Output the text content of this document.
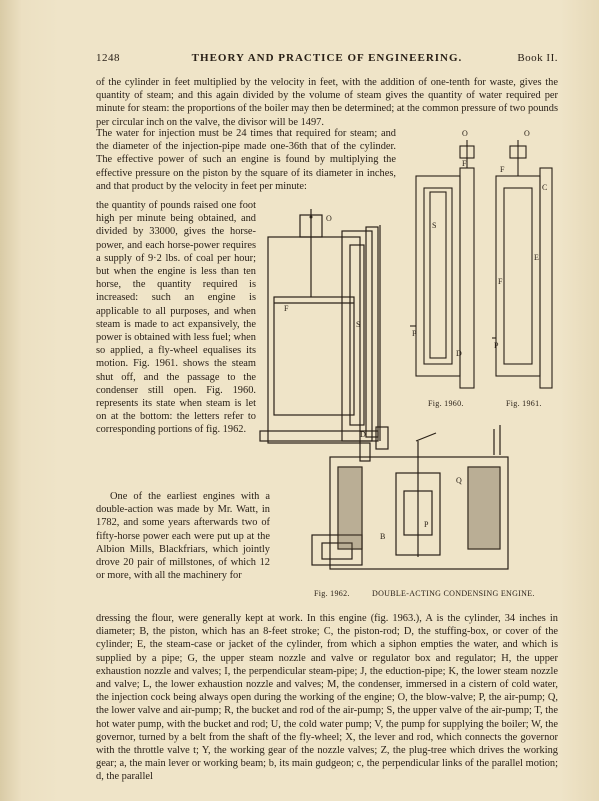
1248	THEORY AND PRACTICE OF ENGINEERING.	Book II.

of the cylinder in feet multiplied by the velocity in feet, with the addition of one-tenth for waste, gives the quantity of steam; and this again divided by the volume of steam gives the quantity of water required per minute for steam: the proportions of the boiler may then be determined; at the common pressure of two pounds per circular inch on the valve, the divisor will be 1497.

The water for injection must be 24 times that required for steam; and the diameter of the injection-pipe made one-36th that of the cylinder. The effective power of such an engine is found by multiplying the effective pressure on the piston by the square of its diameter in inches, and that product by the velocity in feet per minute:

the quantity of pounds raised one foot high per minute being obtained, and divided by 33000, gives the horse-power, and each horse-power requires a supply of 9·2 lbs. of coal per hour; but when the engine is less than ten horse, the quantity required is increased: such an engine is applicable to all purposes, and when steam is made to act expansively, the power is obtained with less fuel; when so applied, a fly-wheel equalises its motion. Fig. 1961. shows the steam shut off, and the passage to the condenser still open. Fig. 1960. represents its state when steam is let on at the bottom: the letters refer to corresponding portions of fig. 1962.

One of the earliest engines with a double-action was made by Mr. Watt, in 1782, and some years afterwards two of fifty-horse power each were put up at the Albion Mills, Blackfriars, which jointly drove 20 pair of millstones, of which 12 or more, with all the machinery for

dressing the flour, were generally kept at work. In this engine (fig. 1963.), A is the cylinder, 34 inches in diameter; B, the piston, which has an 8-feet stroke; C, the piston-rod; D, the stuffing-box, or cover of the cylinder; E, the steam-case or jacket of the cylinder, from which a siphon empties the water, and which is supplied by a pipe; G, the upper steam nozzle and valve or regulator box and regulator; H, the upper exhaustion nozzle and valves; I, the perpendicular steam-pipe; J, the eduction-pipe; K, the lower steam nozzle and valve; L, the lower exhaustion nozzle and valves; M, the condenser, immersed in a cistern of cold water, the injection cock being always open during the working of the engine; O, the blow-valve; P, the air-pump; Q, the lower valve and air-pump; R, the bucket and rod of the air-pump; S, the upper valve of the air-pump; T, the hot water pump, with the bucket and rod; U, the cold water pump; V, the pump for supplying the boiler; W, the governor, turned by a belt from the shaft of the fly-wheel; X, the lever and rod, which connects the governor with the throttle valve t; Y, the working gear of the nozzle valves; Z, the plug-tree which drives the working gear; a, the main lever or working beam; b, its main gudgeon; c, the perpendicular links of the parallel motion; d, the parallel

O
F
S
D
B
Q
P
Fig. 1962.	DOUBLE-ACTING CONDENSING ENGINE.
O
F
S
P
D
Fig. 1960.
O
F
C
E
F
P
Fig. 1961.
